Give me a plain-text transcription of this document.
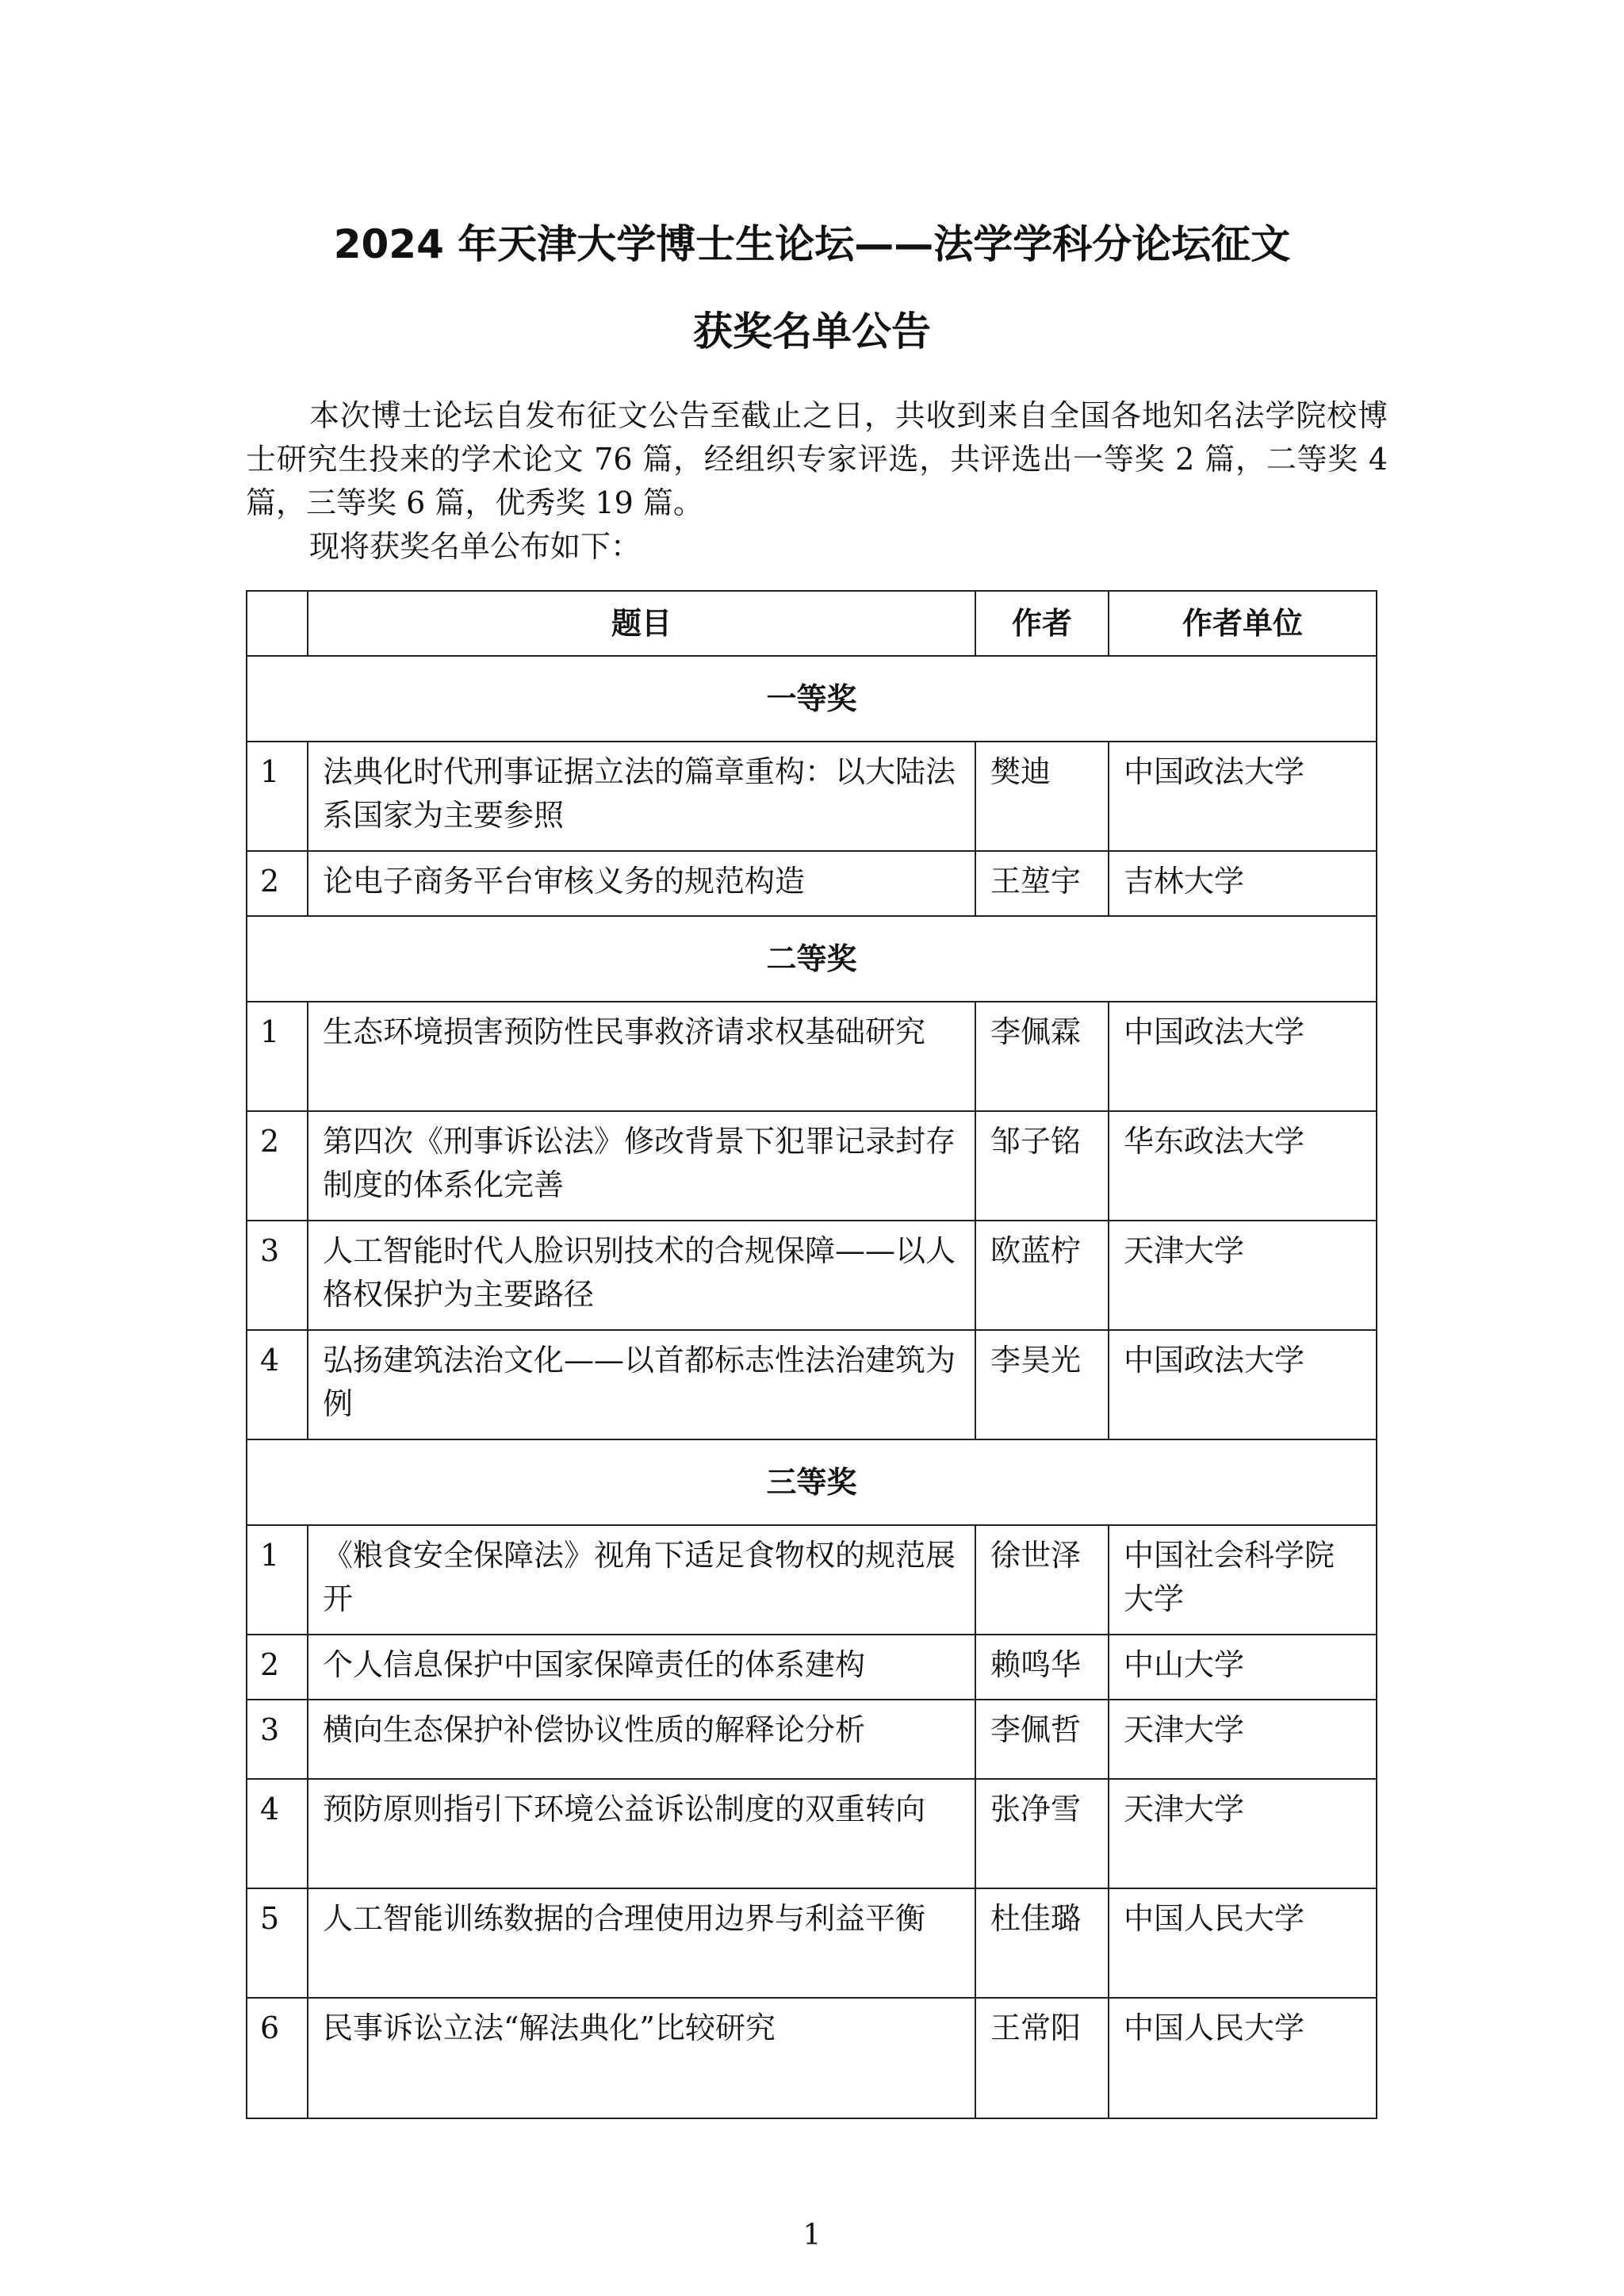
2024 年天津大学博士生论坛——法学学科分论坛征文
获奖名单公告

本次博士论坛自发布征文公告至截止之日，共收到来自全国各地知名法学院校博士研究生投来的学术论文 76 篇，经组织专家评选，共评选出一等奖 2 篇，二等奖 4 篇，三等奖 6 篇，优秀奖 19 篇。

现将获奖名单公布如下：

	题目	作者	作者单位
一等奖			
1	法典化时代刑事证据立法的篇章重构：以大陆法系国家为主要参照	樊迪	中国政法大学
2	论电子商务平台审核义务的规范构造	王堃宇	吉林大学
二等奖			
1	生态环境损害预防性民事救济请求权基础研究	李佩霖	中国政法大学
2	第四次《刑事诉讼法》修改背景下犯罪记录封存制度的体系化完善	邹子铭	华东政法大学
3	人工智能时代人脸识别技术的合规保障——以人格权保护为主要路径	欧蓝柠	天津大学
4	弘扬建筑法治文化——以首都标志性法治建筑为例	李昊光	中国政法大学
三等奖			
1	《粮食安全保障法》视角下适足食物权的规范展开	徐世泽	中国社会科学院大学
2	个人信息保护中国家保障责任的体系建构	赖鸣华	中山大学
3	横向生态保护补偿协议性质的解释论分析	李佩哲	天津大学
4	预防原则指引下环境公益诉讼制度的双重转向	张净雪	天津大学
5	人工智能训练数据的合理使用边界与利益平衡	杜佳璐	中国人民大学
6	民事诉讼立法“解法典化”比较研究	王常阳	中国人民大学
1
